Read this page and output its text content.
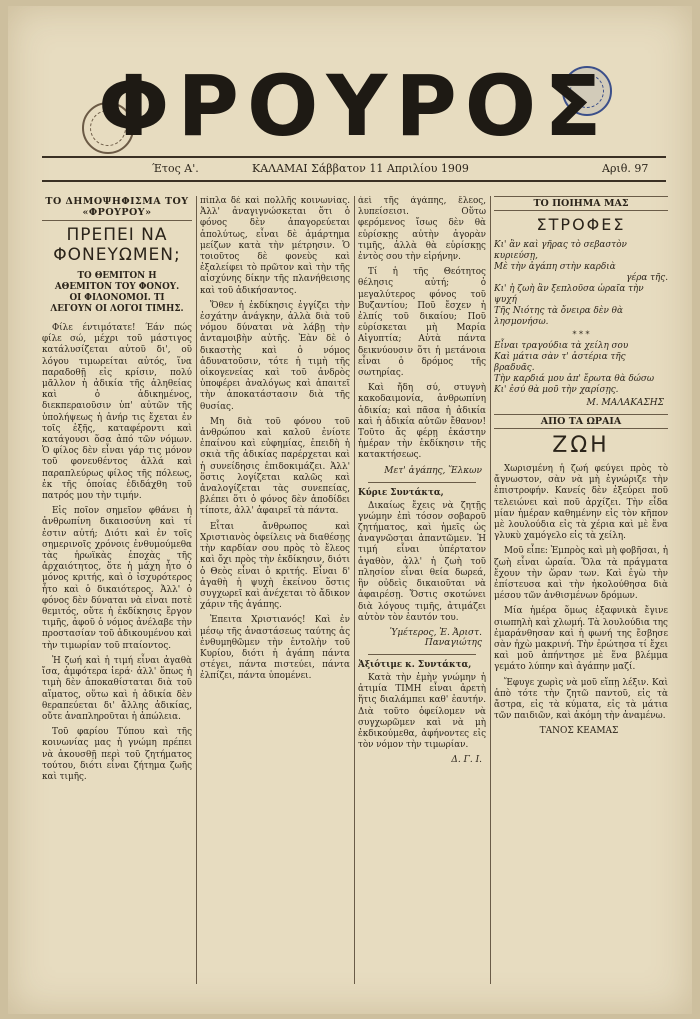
ΦΡΟΥΡΟΣ
Έτος Α'.	ΚΑΛΑΜΑΙ Σάββατον 11 Απριλίου 1909	Αριθ. 97
ΤΟ ΔΗΜΟΨΗΦΙΣΜΑ ΤΟΥ «ΦΡΟΥΡΟΥ»
ΠΡΕΠΕΙ ΝΑ ΦΟΝΕΥΩΜΕΝ;
ΤΟ ΘΕΜΙΤΟΝ Η ΑΘΕΜΙΤΟΝ ΤΟΥ ΦΟΝΟΥ. ΟΙ ΦΙΛΟΝΟΜΟΙ. ΤΙ ΛΕΓΟΥΝ ΟΙ ΛΟΓΟΙ ΤΙΜΗΣ.

Φίλε έντιμότατε! Έάν πώς φίλε σώ, μέχρι τοῦ μάστιγος κατάλυσίζεται αὐτοῦ δι', οῦ λόγου τιμωρείται αὐτός, ἵνα παραδοθῇ εἰς κρίσιν, πολύ μᾶλλον ἡ ἀδικία τῆς ἀληθείας καὶ ὁ ἀδικημένος, διεκπεραιοῦσιν ὑπ' αὐτῶν τῆς ὑπολήψεως ἡ ἀνήρ τις ἔχεται ἐν τοῖς ἑξῆς, καταφέροντι καὶ κατάγουσι ὅσα ἀπό τῶν νόμων. Ὁ φίλος δὲν εἶναι γάρ τις μόνον τοῦ φονευθέντος ἀλλά καὶ παραπλεύρως φίλος τῆς πόλεως, ἐκ τῆς ὁποίας ἐδιδάχθη τοῦ πατρός μου τὴν τιμήν.

Εἰς ποῖον σημεῖον φθάνει ἡ ἀνθρωπίνη δικαιοσύνη καὶ τί ἐστιν αὐτή; Διότι καὶ ἐν τοῖς σημερινοῖς χρόνοις ἐνθυμούμεθα τὰς ἡρωϊκὰς ἐποχὰς τῆς ἀρχαιότητος, ὅτε ἡ μάχη ἦτο ὁ μόνος κριτής, καὶ ὁ ἰσχυρότερος ἦτο καὶ ὁ δικαιότερος. Ἀλλ' ὁ φόνος δὲν δύναται νὰ εἶναι ποτὲ θεμιτός, οὔτε ἡ ἐκδίκησις ἔργον τιμῆς, ἀφοῦ ὁ νόμος ἀνέλαβε τὴν προστασίαν τοῦ ἀδικουμένου καὶ τὴν τιμωρίαν τοῦ πταίοντος.

Ἡ ζωή καὶ ἡ τιμή εἶναι ἀγαθὰ ἴσα, ἀμφότερα ἱερά· ἀλλ' ὅπως ἡ τιμὴ δὲν ἀποκαθίσταται διὰ τοῦ αἵματος, οὕτω καὶ ἡ ἀδικία δὲν θεραπεύεται δι' ἄλλης ἀδικίας, οὔτε ἀναπληροῦται ἡ ἀπώλεια.

Τοῦ φαρίου Τύπου καὶ τῆς κοινωνίας μας ἡ γνώμη πρέπει νὰ ἀκουσθῇ περὶ τοῦ ζητήματος τούτου, διότι εἶναι ζήτημα ζωῆς καὶ τιμῆς.

πίπλα δὲ καὶ πολλῆς κοινωνίας. Ἀλλ' ἀναγιγνώσκεται ὅτι ὁ φόνος δὲν ἀπαγορεύεται ἀπολύτως, εἶναι δὲ ἁμάρτημα μείζων κατὰ τὴν μέτρησιν. Ὁ τοιοῦτος δὲ φονεὺς καὶ ἐξαλείφει τὸ πρῶτον καὶ τὴν τῆς αἰσχύνης δίκην τῆς πλανήθεισης καὶ τοῦ ἀδικήσαντος.

Ὅθεν ἡ ἐκδίκησις ἐγγίζει τὴν ἐσχάτην ἀνάγκην, ἀλλὰ διὰ τοῦ νόμου δύναται νὰ λάβῃ τὴν ἀνταμοιβὴν αὐτῆς. Ἐὰν δὲ ὁ δικαστὴς καὶ ὁ νόμος ἀδυνατοῦσιν, τότε ἡ τιμὴ τῆς οἰκογενείας καὶ τοῦ ἀνδρὸς ὑποφέρει ἀναλόγως καὶ ἀπαιτεῖ τὴν ἀποκατάστασιν διὰ τῆς θυσίας.

Μη διὰ τοῦ φόνου τοῦ ἀνθρώπου καὶ καλοῦ ἐνίοτε ἐπαίνου καὶ εὐφημίας, ἐπειδὴ ἡ σκιὰ τῆς ἀδικίας παρέρχεται καὶ ἡ συνείδησις ἐπιδοκιμάζει. Ἀλλ' ὅστις λογίζεται καλῶς καὶ ἀναλογίζεται τὰς συνεπείας, βλέπει ὅτι ὁ φόνος δὲν ἀποδίδει τίποτε, ἀλλ' ἀφαιρεῖ τὰ πάντα.

Εἶται ἄνθρωπος καὶ Χριστιανὸς ὀφείλεις νὰ διαθέσῃς τὴν καρδίαν σου πρὸς τὸ ἔλεος καὶ ὄχι πρὸς τὴν ἐκδίκησιν, διότι ὁ Θεὸς εἶναι ὁ κριτής. Εἶναι δ' ἀγαθὴ ἡ ψυχὴ ἐκείνου ὅστις συγχωρεῖ καὶ ἀνέχεται τὸ ἄδικον χάριν τῆς ἀγάπης.

Ἐπειτα Χριστιανός! Καὶ ἐν μέσῳ τῆς ἀναστάσεως ταύτης ἀς ἐνθυμηθῶμεν τὴν ἐντολὴν τοῦ Κυρίου, διότι ἡ ἀγάπη πάντα στέγει, πάντα πιστεύει, πάντα ἐλπίζει, πάντα ὑπομένει.

ἀεὶ τῆς ἀγάπης, ἔλεος, λυπείσεισι. Οὕτω φερόμενος ἴσως δὲν θὰ εὑρίσκῃς αὐτὴν ἀγορὰν τιμῆς, ἀλλὰ θὰ εὑρίσκῃς ἐντὸς σου τὴν εἰρήνην.

Τί ἡ τῆς Θεότητος θέλησις αὐτή; ὁ μεγαλύτερος φόνος τοῦ Βυζαντίου; Ποῦ ἔσχεν ἡ ἐλπίς τοῦ δικαίου; Ποῦ εὑρίσκεται μὴ Μαρία Αἰγυπτία; Αὐτὰ πάντα δεικνύουσιν ὅτι ἡ μετάνοια εἶναι ὁ δρόμος τῆς σωτηρίας.

Καὶ ἤδη σύ, στυγνὴ κακοδαιμονία, ἀνθρωπίνη ἀδικία; καὶ πᾶσα ἡ ἀδικία καὶ ἡ ἀδικία αὐτῶν ἔθανον! Τοῦτο ἄς φέρῃ ἐκάστην ἡμέραν τὴν ἐκδίκησιν τῆς κατακτήσεως.

Μετ' ἀγάπης, Ἕλκων
Κύριε Συντάκτα,

Δικαίως ἔχεις νὰ ζητῇς γνώμην ἐπὶ τόσον σοβαροῦ ζητήματος, καὶ ἡμεῖς ὡς ἀναγνῶσται ἀπαντῶμεν. Ἡ τιμή εἶναι ὑπέρτατον ἀγαθὸν, ἀλλ' ἡ ζωὴ τοῦ πλησίον εἶναι θεία δωρεά, ἣν οὐδεὶς δικαιοῦται νὰ ἀφαιρέσῃ. Ὅστις σκοτώνει διὰ λόγους τιμῆς, ἀτιμάζει αὐτὸν τὸν ἑαυτόν του.

Ὑμέτερος, Ἐ. Ἀριστ. Παναγιώτης
Ἀξιότιμε κ. Συντάκτα,

Κατὰ τὴν ἐμὴν γνώμην ἡ ἀτιμία ΤΙΜΗ εἶναι ἀρετὴ ἥτις διαλάμπει καθ' ἑαυτήν. Διὰ τοῦτο ὀφείλομεν νὰ συγχωρῶμεν καὶ νὰ μὴ ἐκδικούμεθα, ἀφήνοντες εἰς τὸν νόμον τὴν τιμωρίαν.

Δ. Γ. Ι.
ΤΟ ΠΟΙΗΜΑ ΜΑΣ
ΣΤΡΟΦΕΣ

Κι' ἂν καὶ γῆρας τὸ σεβαστὸν κυριεύσῃ,

Μὲ τὴν ἀγάπη στὴν καρδιὰ

γέρα τῆς.

Κι' ἡ ζωὴ ἂν ξεπλοῦσα ὡραῖα τὴν ψυχή

Τῆς Νιότης τὰ ὄνειρα δὲν θὰ λησμονήσω.

* * *

Εἶναι τραγούδια τὰ χείλη σου

Καὶ μάτια σὰν τ' ἀστέρια τῆς βραδυᾶς.

Τὴν καρδιά μου ἀπ' ἔρωτα θὰ δώσω

Κι' ἐσύ θὰ μοῦ τὴν χαρίσῃς.

Μ. ΜΑΛΑΚΑΣΗΣ
ΑΠΟ ΤΑ ΩΡΑΙΑ
ΖΩΗ

Χωρισμένη ἡ ζωή φεύγει πρὸς τὸ ἄγνωστον, σὰν νὰ μὴ ἐγνώριζε τὴν ἐπιστροφήν. Κανείς δὲν ἐξεύρει ποῦ τελειώνει καὶ ποῦ ἀρχίζει. Τὴν εἶδα μίαν ἡμέραν καθημένην εἰς τὸν κῆπον μὲ λουλούδια εἰς τὰ χέρια καὶ μὲ ἕνα γλυκὺ χαμόγελο εἰς τὰ χείλη.

Μοῦ εἶπε: Ἐμπρὸς καὶ μὴ φοβῆσαι, ἡ ζωὴ εἶναι ὡραία. Ὅλα τὰ πράγματα ἔχουν τὴν ὥραν των. Καὶ ἐγὼ τὴν ἐπίστευσα καὶ τὴν ἠκολούθησα διὰ μέσου τῶν ἀνθισμένων δρόμων.

Μία ἡμέρα ὅμως ἐξαφνικὰ ἔγινε σιωπηλὴ καὶ χλωμή. Τὰ λουλούδια της ἐμαράνθησαν καὶ ἡ φωνή της ἔσβησε σὰν ἠχὼ μακρινή. Τὴν ἐρώτησα τί ἔχει καὶ μοῦ ἀπήντησε μὲ ἕνα βλέμμα γεμάτο λύπην καὶ ἀγάπην μαζί.

Ἔφυγε χωρὶς νὰ μοῦ εἴπῃ λέξιν. Καὶ ἀπὸ τότε τὴν ζητῶ παντοῦ, εἰς τὰ ἄστρα, εἰς τὰ κύματα, εἰς τὰ μάτια τῶν παιδιῶν, καὶ ἀκόμη τὴν ἀναμένω.

ΤΑΝΟΣ ΚΕΑΜΑΣ
